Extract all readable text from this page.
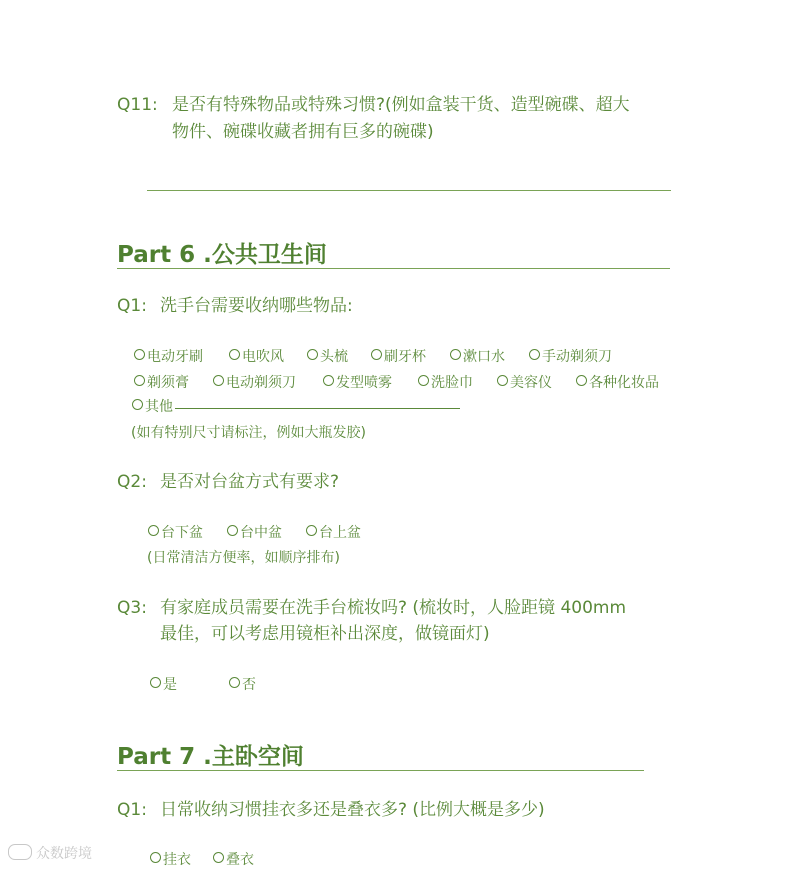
Q11: 是否有特殊物品或特殊习惯?(例如盒装干货、造型碗碟、超大
物件、碗碟收藏者拥有巨多的碗碟)
Part 6 .公共卫生间
Q1: 洗手台需要收纳哪些物品:
电动牙刷	电吹风	头梳	刷牙杯	漱口水	手动剃须刀
剃须膏	电动剃须刀	发型喷雾	洗脸巾	美容仪	各种化妆品
其他
(如有特别尺寸请标注，例如大瓶发胶)
Q2: 是否对台盆方式有要求?
台下盆	台中盆	台上盆
(日常清洁方便率，如顺序排布)
Q3: 有家庭成员需要在洗手台梳妆吗? (梳妆时，人脸距镜 400mm
最佳，可以考虑用镜柜补出深度，做镜面灯)
是	否
Part 7 .主卧空间
Q1: 日常收纳习惯挂衣多还是叠衣多? (比例大概是多少)
挂衣	叠衣
众数跨境
